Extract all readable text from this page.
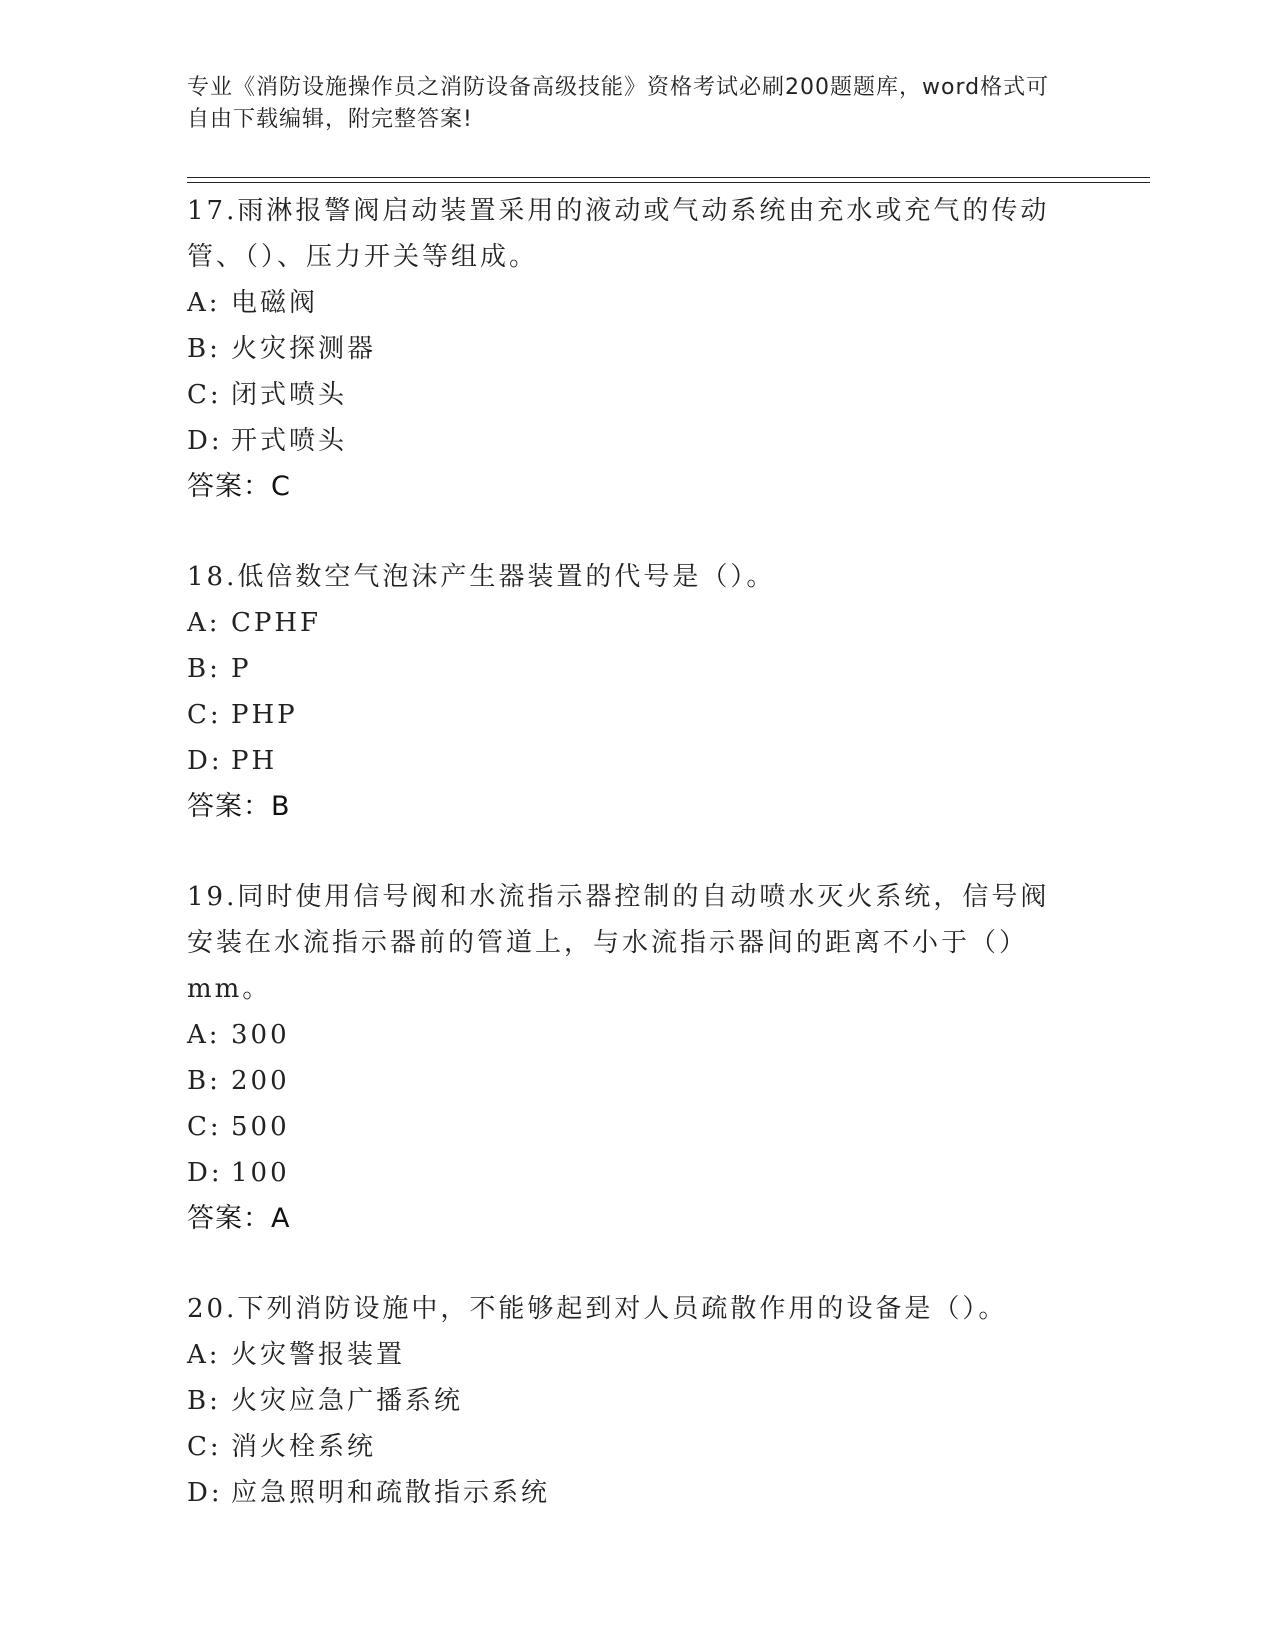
专业《消防设施操作员之消防设备高级技能》资格考试必刷200题题库，word格式可自由下载编辑，附完整答案!
17.雨淋报警阀启动装置采用的液动或气动系统由充水或充气的传动管、（）、压力开关等组成。
A: 电磁阀
B: 火灾探测器
C: 闭式喷头
D: 开式喷头
答案：C
18.低倍数空气泡沫产生器装置的代号是（）。
A: CPHF
B: P
C: PHP
D: PH
答案：B
19.同时使用信号阀和水流指示器控制的自动喷水灭火系统，信号阀安装在水流指示器前的管道上，与水流指示器间的距离不小于（）mm。
A: 300
B: 200
C: 500
D: 100
答案：A
20.下列消防设施中，不能够起到对人员疏散作用的设备是（）。
A: 火灾警报装置
B: 火灾应急广播系统
C: 消火栓系统
D: 应急照明和疏散指示系统
